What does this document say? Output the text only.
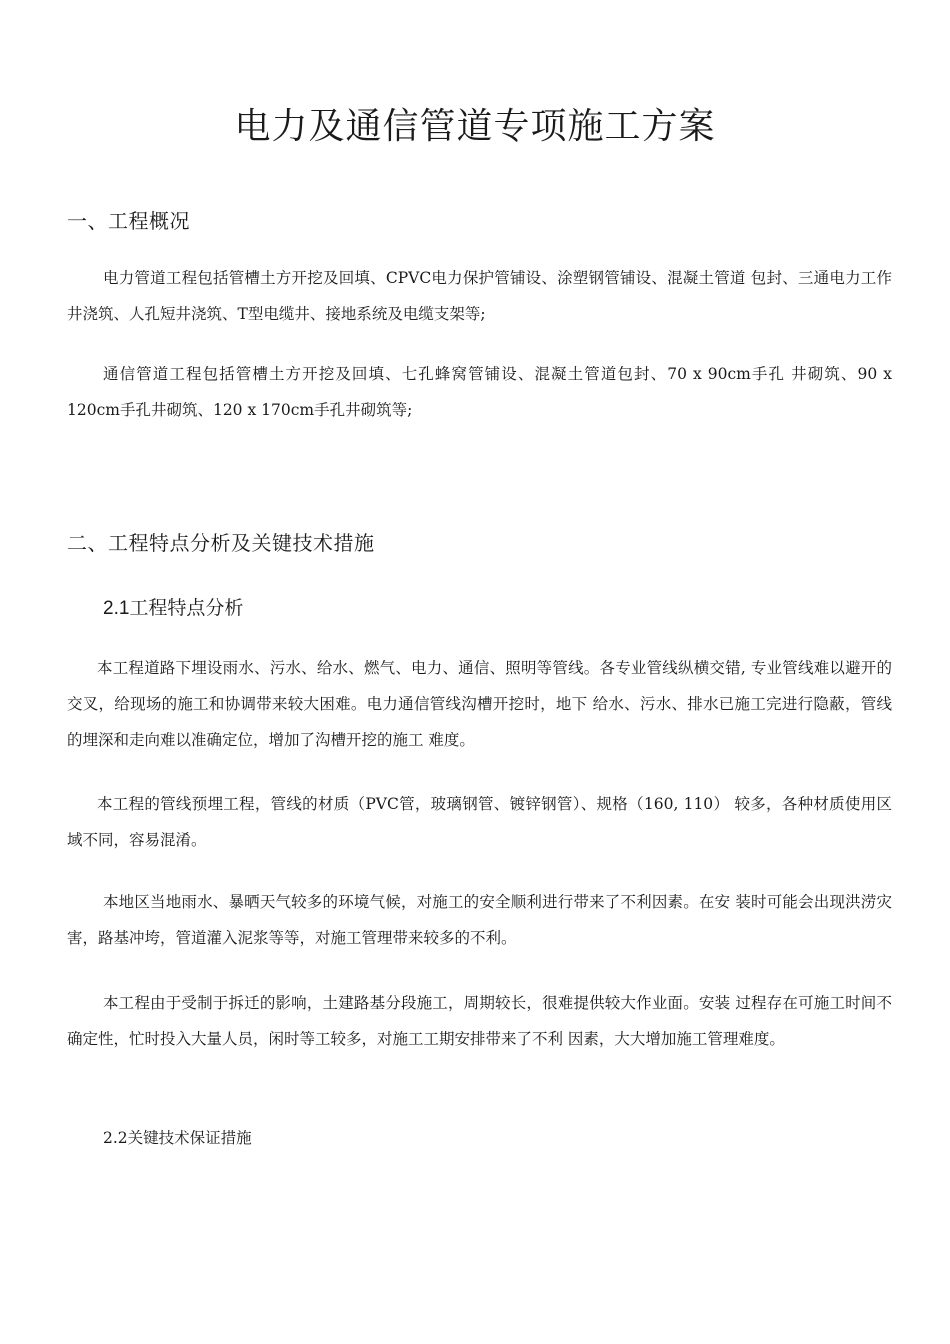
电力及通信管道专项施工方案
一、工程概况

电力管道工程包括管槽土方开挖及回填、CPVC电力保护管铺设、涂塑钢管铺设、混凝土管道 包封、三通电力工作井浇筑、人孔短井浇筑、T型电缆井、接地系统及电缆支架等;

通信管道工程包括管槽土方开挖及回填、七孔蜂窝管铺设、混凝土管道包封、70 x 90cm手孔 井砌筑、90 x 120cm手孔井砌筑、120 x 170cm手孔井砌筑等;

二、工程特点分析及关键技术措施
2.1工程特点分析

本工程道路下埋设雨水、污水、给水、燃气、电力、通信、照明等管线。各专业管线纵横交错, 专业管线难以避开的交叉，给现场的施工和协调带来较大困难。电力通信管线沟槽开挖时，地下 给水、污水、排水已施工完进行隐蔽，管线的埋深和走向难以准确定位，增加了沟槽开挖的施工 难度。

本工程的管线预埋工程，管线的材质（PVC管，玻璃钢管、镀锌钢管）、规格（160, 110） 较多，各种材质使用区域不同，容易混淆。

本地区当地雨水、暴晒天气较多的环境气候，对施工的安全顺利进行带来了不利因素。在安 装时可能会出现洪涝灾害，路基冲垮，管道灌入泥浆等等，对施工管理带来较多的不利。

本工程由于受制于拆迁的影响，土建路基分段施工，周期较长，很难提供较大作业面。安装 过程存在可施工时间不确定性，忙时投入大量人员，闲时等工较多，对施工工期安排带来了不利 因素，大大增加施工管理难度。

2.2关键技术保证措施
